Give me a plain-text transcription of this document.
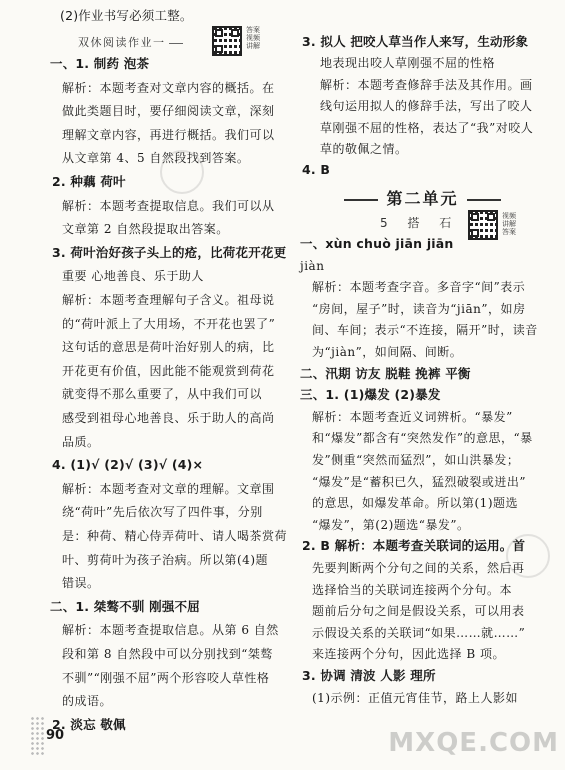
(2)作业书写必须工整。
双休阅读作业一
答案视频讲解
一、1. 制药 泡茶
解析：本题考查对文章内容的概括。在
做此类题目时，要仔细阅读文章，深刻
理解文章内容，再进行概括。我们可以
从文章第 4、5 自然段找到答案。
2. 种藕 荷叶
解析：本题考查提取信息。我们可以从
文章第 2 自然段提取出答案。
3. 荷叶治好孩子头上的疮，比荷花开花更
重要 心地善良、乐于助人
解析：本题考查理解句子含义。祖母说
的“荷叶派上了大用场，不开花也罢了”
这句话的意思是荷叶治好别人的病，比
开花更有价值，因此能不能观赏到荷花
就变得不那么重要了，从中我们可以
感受到祖母心地善良、乐于助人的高尚
品质。
4. (1)√ (2)√ (3)√ (4)×
解析：本题考查对文章的理解。文章围
绕“荷叶”先后依次写了四件事，分别
是：种荷、精心侍弄荷叶、请人喝茶赏荷
叶、剪荷叶为孩子治病。所以第(4)题
错误。
二、1. 桀骜不驯 刚强不屈
解析：本题考查提取信息。从第 6 自然
段和第 8 自然段中可以分别找到“桀骜
不驯”“刚强不屈”两个形容咬人草性格
的成语。
2. 淡忘 敬佩
3. 拟人 把咬人草当作人来写，生动形象
地表现出咬人草刚强不屈的性格
解析：本题考查修辞手法及其作用。画
线句运用拟人的修辞手法，写出了咬人
草刚强不屈的性格，表达了“我”对咬人
草的敬佩之情。
4. B
第二单元
5 搭 石	视频讲解答案
一、xùn chuò jiān jiān
jiàn
解析：本题考查字音。多音字“间”表示
“房间，屋子”时，读音为“jiān”，如房
间、车间；表示“不连接，隔开”时，读音
为“jiàn”，如间隔、间断。
二、汛期 访友 脱鞋 挽裤 平衡
三、1. (1)爆发 (2)暴发
解析：本题考查近义词辨析。“暴发”
和“爆发”都含有“突然发作”的意思，“暴
发”侧重“突然而猛烈”，如山洪暴发；
“爆发”是“蓄积已久，猛烈破裂或迸出”
的意思，如爆发革命。所以第(1)题选
“爆发”，第(2)题选“暴发”。
2. B 解析：本题考查关联词的运用。首
先要判断两个分句之间的关系，然后再
选择恰当的关联词连接两个分句。本
题前后分句之间是假设关系，可以用表
示假设关系的关联词“如果……就……”
来连接两个分句，因此选择 B 项。
3. 协调 清波 人影 理所
(1)示例：正值元宵佳节，路上人影如
90	MXQE.COM
